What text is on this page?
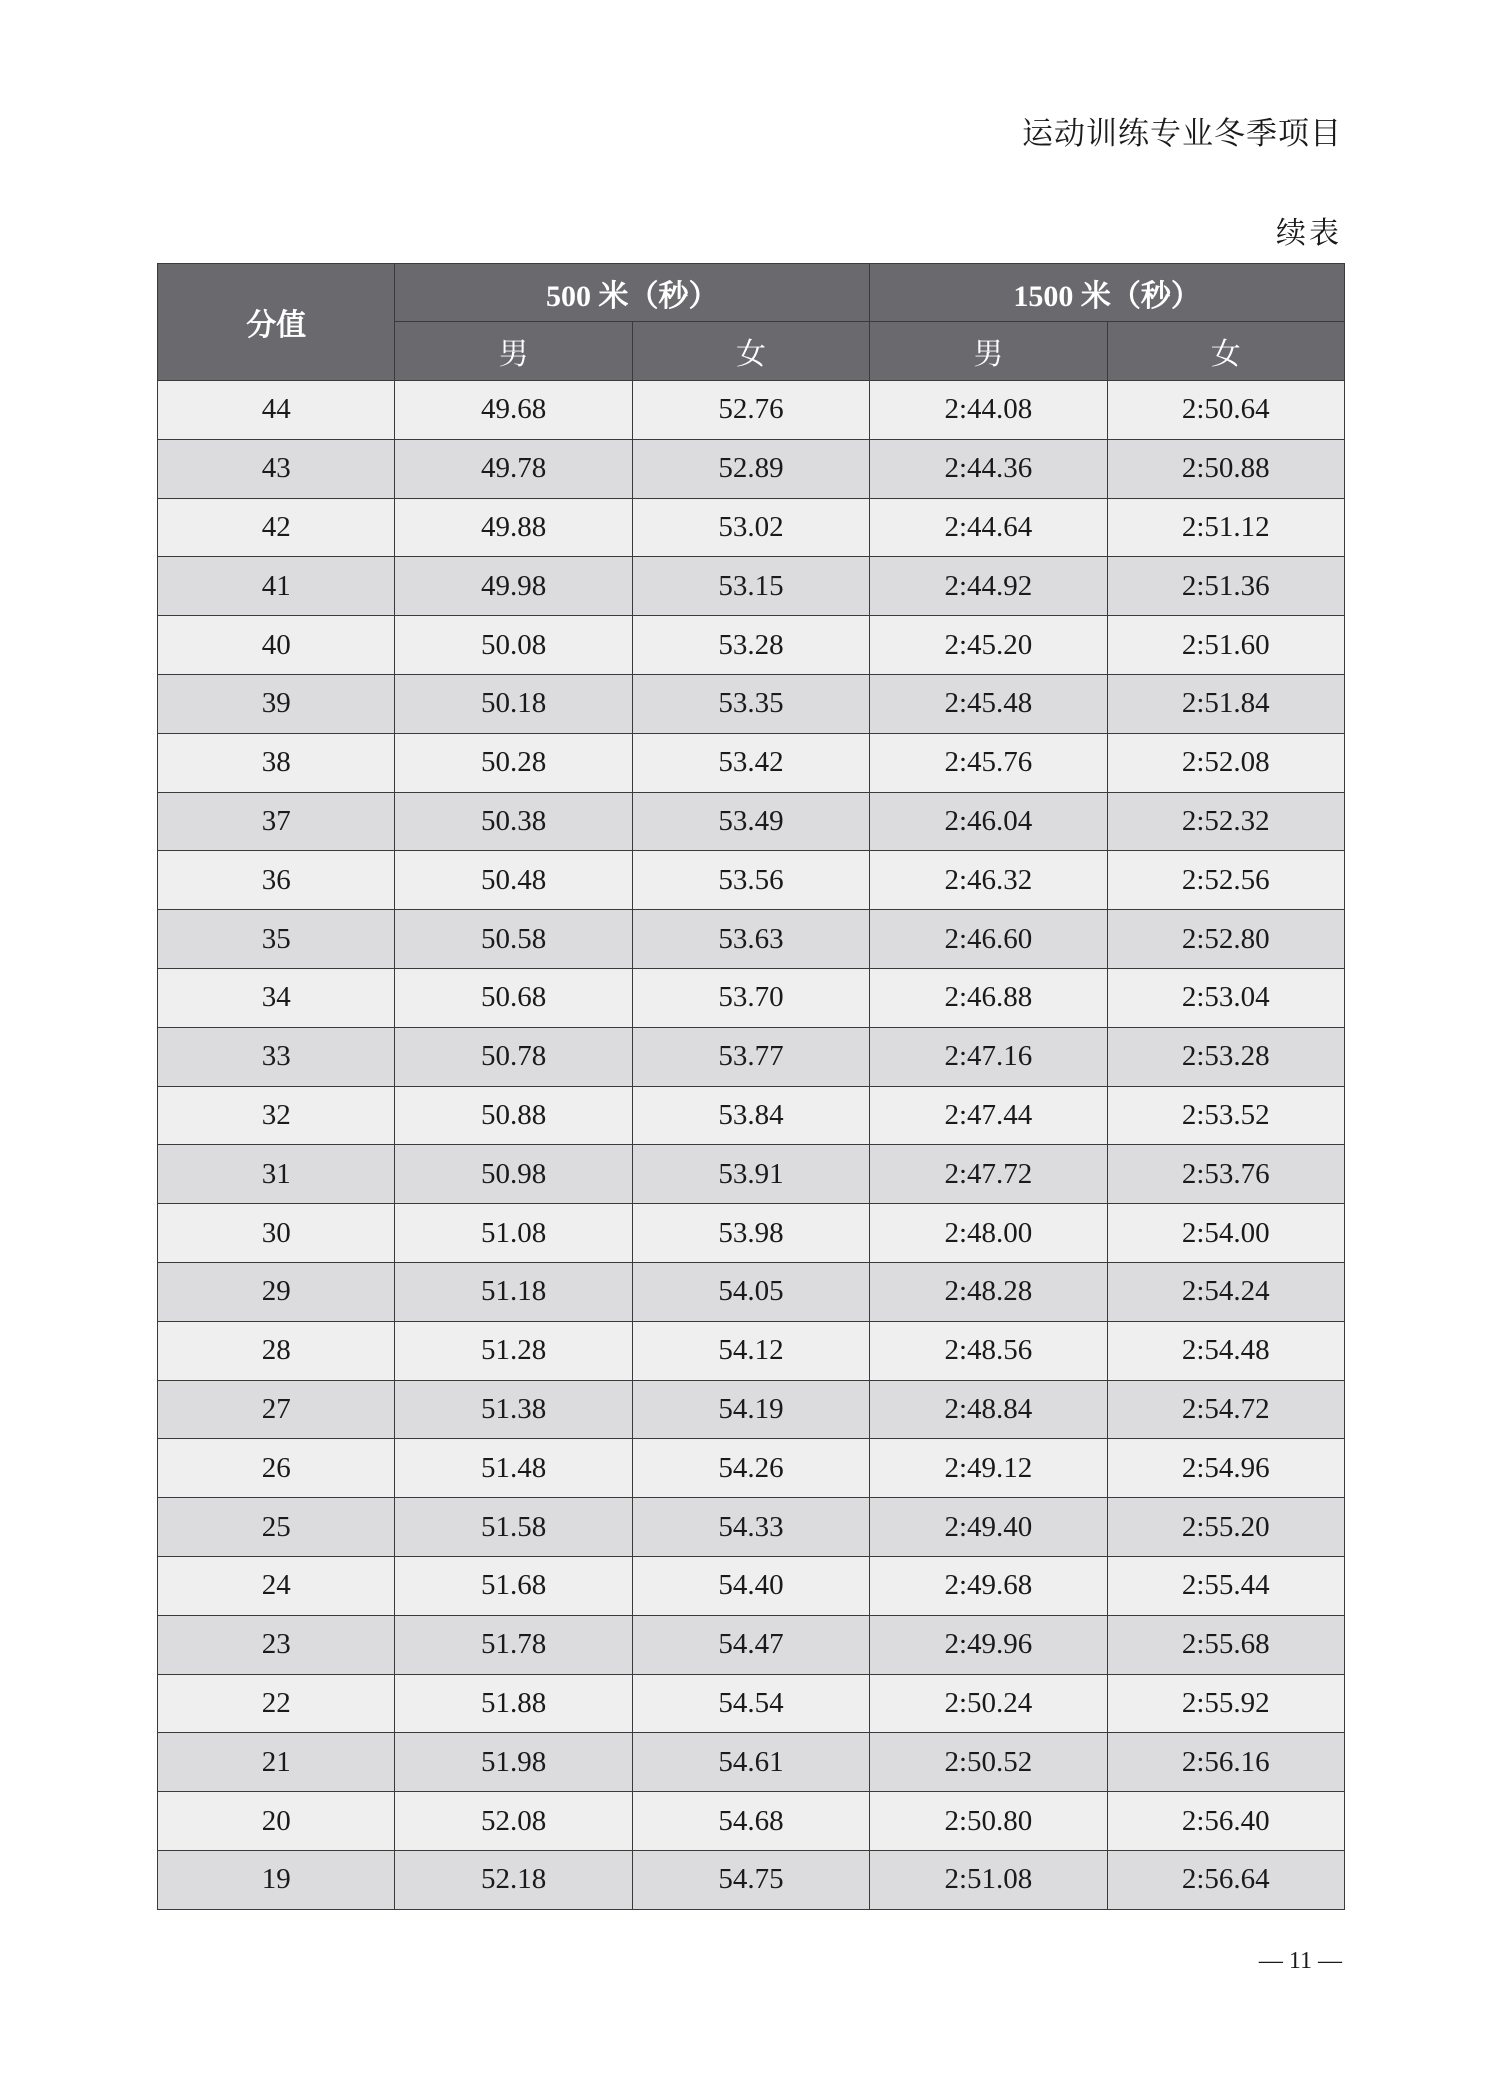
运动训练专业冬季项目
续表
分值	500 米（秒）		1500 米（秒）	
	男	女	男	女
44	49.68	52.76	2:44.08	2:50.64
43	49.78	52.89	2:44.36	2:50.88
42	49.88	53.02	2:44.64	2:51.12
41	49.98	53.15	2:44.92	2:51.36
40	50.08	53.28	2:45.20	2:51.60
39	50.18	53.35	2:45.48	2:51.84
38	50.28	53.42	2:45.76	2:52.08
37	50.38	53.49	2:46.04	2:52.32
36	50.48	53.56	2:46.32	2:52.56
35	50.58	53.63	2:46.60	2:52.80
34	50.68	53.70	2:46.88	2:53.04
33	50.78	53.77	2:47.16	2:53.28
32	50.88	53.84	2:47.44	2:53.52
31	50.98	53.91	2:47.72	2:53.76
30	51.08	53.98	2:48.00	2:54.00
29	51.18	54.05	2:48.28	2:54.24
28	51.28	54.12	2:48.56	2:54.48
27	51.38	54.19	2:48.84	2:54.72
26	51.48	54.26	2:49.12	2:54.96
25	51.58	54.33	2:49.40	2:55.20
24	51.68	54.40	2:49.68	2:55.44
23	51.78	54.47	2:49.96	2:55.68
22	51.88	54.54	2:50.24	2:55.92
21	51.98	54.61	2:50.52	2:56.16
20	52.08	54.68	2:50.80	2:56.40
19	52.18	54.75	2:51.08	2:56.64
— 11 —
